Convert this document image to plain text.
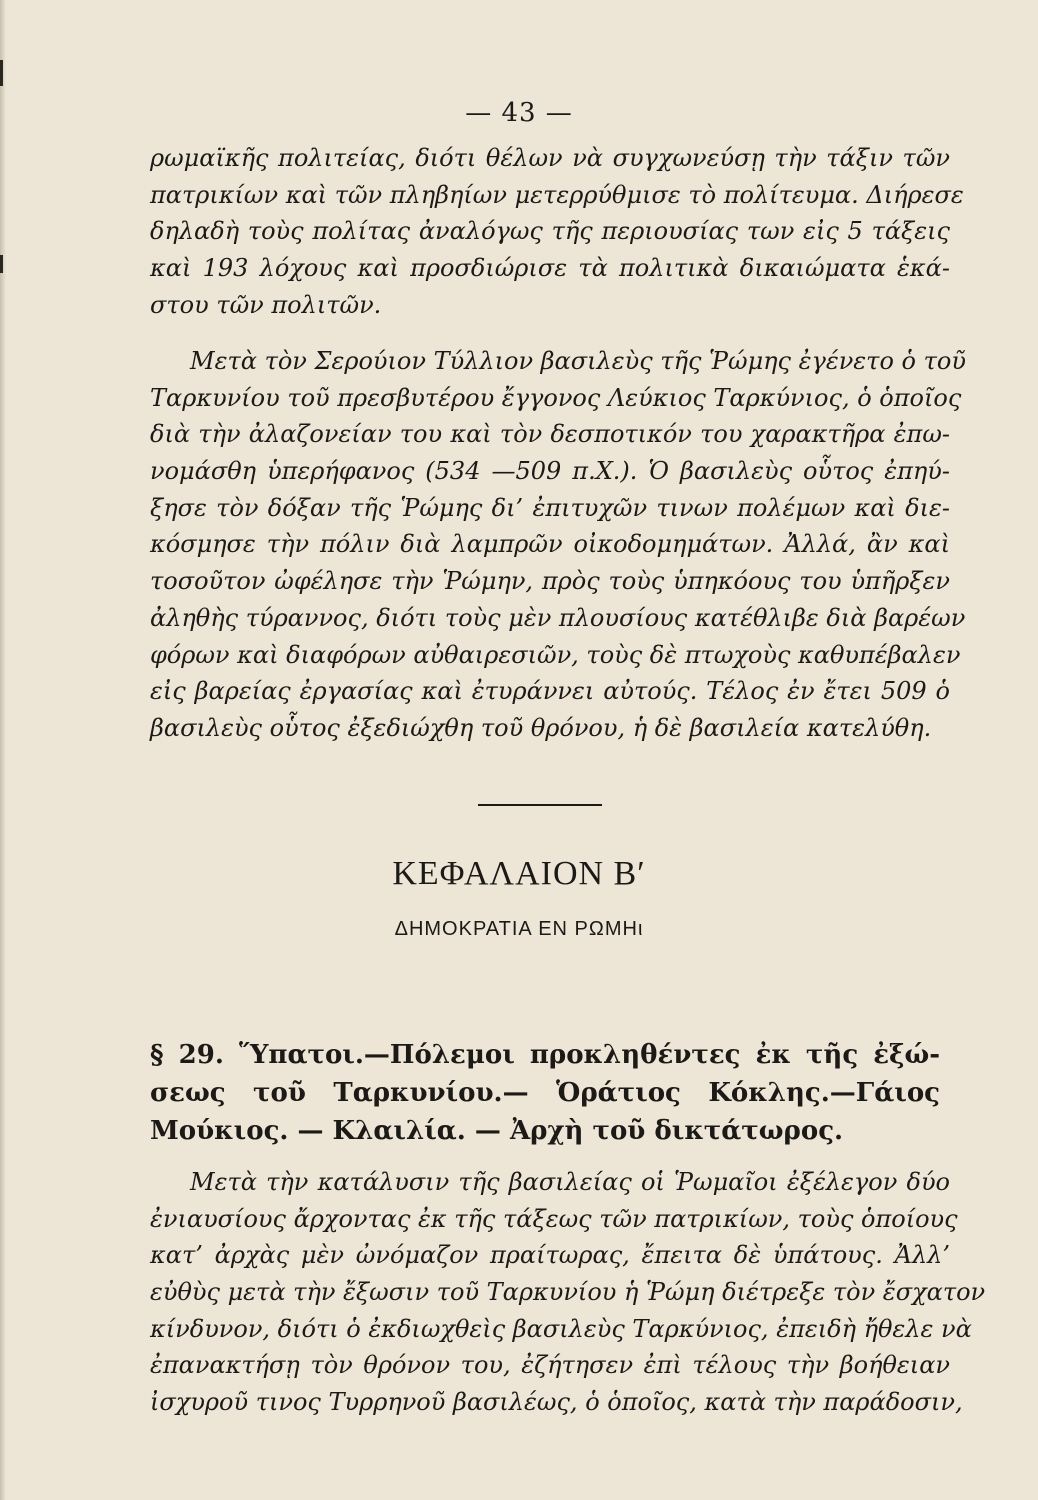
— 43 —
ρωμαϊκῆς πολιτείας, διότι θέλων νὰ συγχωνεύσῃ τὴν τάξιν τῶν
πατρικίων καὶ τῶν πληβηίων μετερρύθμισε τὸ πολίτευμα. Διήρεσε
δηλαδὴ τοὺς πολίτας ἀναλόγως τῆς περιουσίας των εἰς 5 τάξεις
καὶ 193 λόχους καὶ προσδιώρισε τὰ πολιτικὰ δικαιώματα ἑκά-
στου τῶν πολιτῶν.
Μετὰ τὸν Σερούιον Τύλλιον βασιλεὺς τῆς Ῥώμης ἐγένετο ὁ τοῦ
Ταρκυνίου τοῦ πρεσβυτέρου ἔγγονος Λεύκιος Ταρκύνιος, ὁ ὁποῖος
διὰ τὴν ἀλαζονείαν του καὶ τὸν δεσποτικόν του χαρακτῆρα ἐπω-
νομάσθη ὑπερήφανος (534 —509 π.Χ.). Ὁ βασιλεὺς οὗτος ἐπηύ-
ξησε τὸν δόξαν τῆς Ῥώμης δι’ ἐπιτυχῶν τινων πολέμων καὶ διε-
κόσμησε τὴν πόλιν διὰ λαμπρῶν οἰκοδομημάτων. Ἀλλά, ἂν καὶ
τοσοῦτον ὠφέλησε τὴν Ῥώμην, πρὸς τοὺς ὑπηκόους του ὑπῆρξεν
ἀληθὴς τύραννος, διότι τοὺς μὲν πλουσίους κατέθλιβε διὰ βαρέων
φόρων καὶ διαφόρων αὐθαιρεσιῶν, τοὺς δὲ πτωχοὺς καθυπέβαλεν
εἰς βαρείας ἐργασίας καὶ ἐτυράννει αὐτούς. Τέλος ἐν ἔτει 509 ὁ
βασιλεὺς οὗτος ἐξεδιώχθη τοῦ θρόνου, ἡ δὲ βασιλεία κατελύθη.
ΚΕΦΑΛΑΙΟΝ Β′
ΔΗΜΟΚΡΑΤΙΑ ΕΝ ΡΩΜΗι
§ 29. Ὕπατοι.—Πόλεμοι προκληθέντες ἐκ τῆς ἐξώ-
σεως τοῦ Ταρκυνίου.— Ὁράτιος Κόκλης.—Γάιος
Μούκιος. — Κλαιλία. — Ἀρχὴ τοῦ δικτάτωρος.
Μετὰ τὴν κατάλυσιν τῆς βασιλείας οἱ Ῥωμαῖοι ἐξέλεγον δύο
ἐνιαυσίους ἄρχοντας ἐκ τῆς τάξεως τῶν πατρικίων, τοὺς ὁποίους
κατ’ ἀρχὰς μὲν ὠνόμαζον πραίτωρας, ἔπειτα δὲ ὑπάτους. Ἀλλ’
εὐθὺς μετὰ τὴν ἔξωσιν τοῦ Ταρκυνίου ἡ Ῥώμη διέτρεξε τὸν ἔσχατον
κίνδυνον, διότι ὁ ἐκδιωχθεὶς βασιλεὺς Ταρκύνιος, ἐπειδὴ ἤθελε νὰ
ἐπανακτήσῃ τὸν θρόνον του, ἐζήτησεν ἐπὶ τέλους τὴν βοήθειαν
ἰσχυροῦ τινος Τυρρηνοῦ βασιλέως, ὁ ὁποῖος, κατὰ τὴν παράδοσιν,
